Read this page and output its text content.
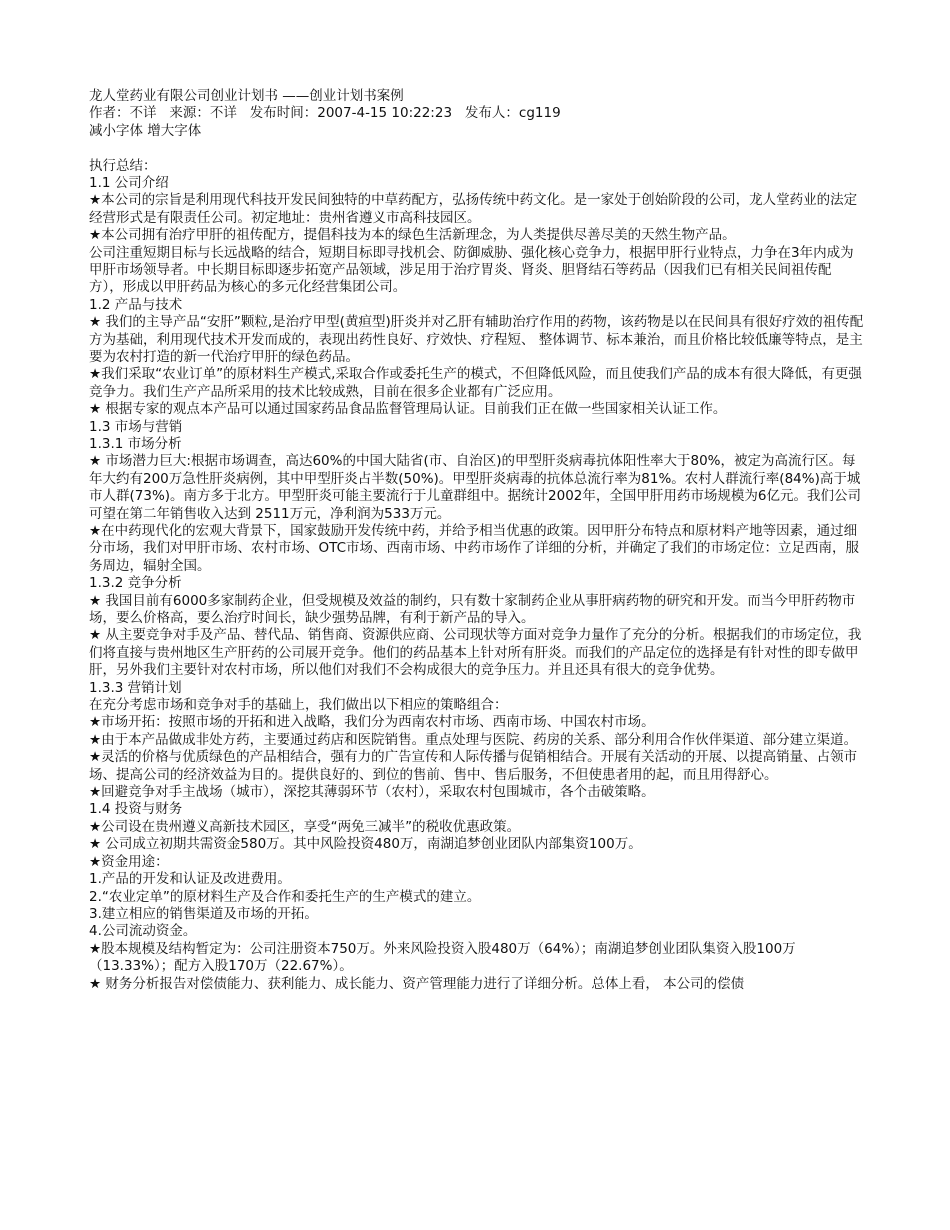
龙人堂药业有限公司创业计划书 ——创业计划书案例
作者：不详   来源：不详   发布时间：2007-4-15 10:22:23   发布人：cg119
减小字体 增大字体
执行总结：
1.1 公司介绍
★本公司的宗旨是利用现代科技开发民间独特的中草药配方，弘扬传统中药文化。是一家处于创始阶段的公司，龙人堂药业的法定经营形式是有限责任公司。初定地址：贵州省遵义市高科技园区。
★本公司拥有治疗甲肝的祖传配方，提倡科技为本的绿色生活新理念，为人类提供尽善尽美的天然生物产品。
公司注重短期目标与长远战略的结合，短期目标即寻找机会、防御威胁、强化核心竞争力，根据甲肝行业特点，力争在3年内成为甲肝市场领导者。中长期目标即逐步拓宽产品领域，涉足用于治疗胃炎、肾炎、胆肾结石等药品（因我们已有相关民间祖传配方），形成以甲肝药品为核心的多元化经营集团公司。
1.2 产品与技术
★ 我们的主导产品“安肝”颗粒,是治疗甲型(黄疸型)肝炎并对乙肝有辅助治疗作用的药物，该药物是以在民间具有很好疗效的祖传配方为基础，利用现代技术开发而成的，表现出药性良好、疗效快、疗程短、 整体调节、标本兼治，而且价格比较低廉等特点，是主要为农村打造的新一代治疗甲肝的绿色药品。
★我们采取“农业订单”的原材料生产模式,采取合作或委托生产的模式，不但降低风险，而且使我们产品的成本有很大降低，有更强竞争力。我们生产产品所采用的技术比较成熟，目前在很多企业都有广泛应用。
★ 根据专家的观点本产品可以通过国家药品食品监督管理局认证。目前我们正在做一些国家相关认证工作。
1.3 市场与营销
1.3.1 市场分析
★ 市场潜力巨大:根据市场调查，高达60%的中国大陆省(市、自治区)的甲型肝炎病毒抗体阳性率大于80%，被定为高流行区。每年大约有200万急性肝炎病例，其中甲型肝炎占半数(50%)。甲型肝炎病毒的抗体总流行率为81%。农村人群流行率(84%)高于城市人群(73%)。南方多于北方。甲型肝炎可能主要流行于儿童群组中。据统计2002年，全国甲肝用药市场规模为6亿元。我们公司可望在第二年销售收入达到 2511万元，净利润为533万元。
★在中药现代化的宏观大背景下，国家鼓励开发传统中药，并给予相当优惠的政策。因甲肝分布特点和原材料产地等因素，通过细分市场，我们对甲肝市场、农村市场、OTC市场、西南市场、中药市场作了详细的分析，并确定了我们的市场定位：立足西南，服务周边，辐射全国。
1.3.2 竞争分析
★ 我国目前有6000多家制药企业，但受规模及效益的制约，只有数十家制药企业从事肝病药物的研究和开发。而当今甲肝药物市场，要么价格高，要么治疗时间长，缺少强势品牌，有利于新产品的导入。
★ 从主要竞争对手及产品、替代品、销售商、资源供应商、公司现状等方面对竞争力量作了充分的分析。根据我们的市场定位，我们将直接与贵州地区生产肝药的公司展开竞争。他们的药品基本上针对所有肝炎。而我们的产品定位的选择是有针对性的即专做甲肝，另外我们主要针对农村市场，所以他们对我们不会构成很大的竞争压力。并且还具有很大的竞争优势。
1.3.3 营销计划
在充分考虑市场和竞争对手的基础上，我们做出以下相应的策略组合：
★市场开拓：按照市场的开拓和进入战略，我们分为西南农村市场、西南市场、中国农村市场。
★由于本产品做成非处方药，主要通过药店和医院销售。重点处理与医院、药房的关系、部分利用合作伙伴渠道、部分建立渠道。
★灵活的价格与优质绿色的产品相结合，强有力的广告宣传和人际传播与促销相结合。开展有关活动的开展、以提高销量、占领市场、提高公司的经济效益为目的。提供良好的、到位的售前、售中、售后服务，不但使患者用的起，而且用得舒心。
★回避竞争对手主战场（城市），深挖其薄弱环节（农村），采取农村包围城市，各个击破策略。
1.4 投资与财务
★公司设在贵州遵义高新技术园区，享受“两免三减半”的税收优惠政策。
★ 公司成立初期共需资金580万。其中风险投资480万，南湖追梦创业团队内部集资100万。
★资金用途：
1.产品的开发和认证及改进费用。
2.“农业定单”的原材料生产及合作和委托生产的生产模式的建立。
3.建立相应的销售渠道及市场的开拓。
4.公司流动资金。
★股本规模及结构暂定为：公司注册资本750万。外来风险投资入股480万（64%）；南湖追梦创业团队集资入股100万（13.33%）；配方入股170万（22.67%）。
★ 财务分析报告对偿债能力、获利能力、成长能力、资产管理能力进行了详细分析。总体上看， 本公司的偿债
